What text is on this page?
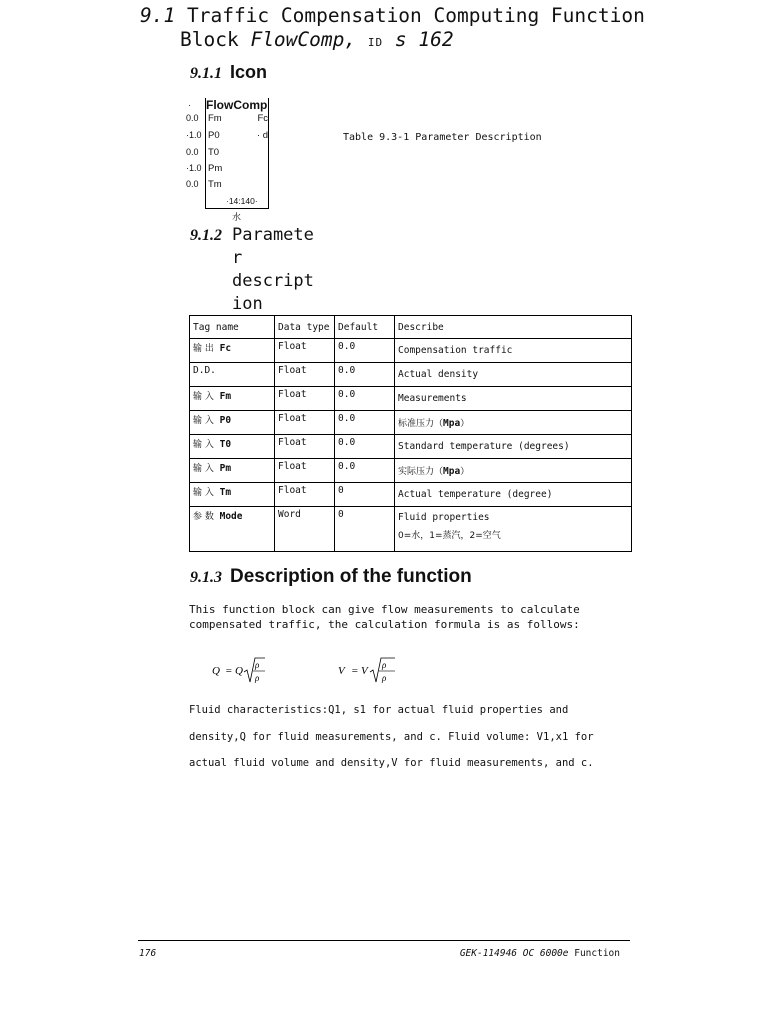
9.1 Traffic Compensation Computing Function
Block FlowComp, ID s 162
9.1.1 Icon
· FlowComp
0.0 Fm	Fc
·1.0 P0	· d
0.0 T0
·1.0 Pm
0.0 Tm
·14:140·
水
Table 9.3-1 Parameter Description
9.1.2 Paramete
r
descript
ion
Tag name	Data type	Default	Describe
输 出 Fc	Float	0.0	Compensation traffic
D.D.	Float	0.0	Actual density
输 入 Fm	Float	0.0	Measurements
输 入 P0	Float	0.0	标准压力（Mpa）
输 入 T0	Float	0.0	Standard temperature (degrees)
输 入 Pm	Float	0.0	实际压力（Mpa）
输 入 Tm	Float	0	Actual temperature (degree)
参 数 Mode	Word	0	Fluid properties
0=水，1=蒸汽，2=空气
9.1.3 Description of the function
This function block can give flow measurements to calculate compensated traffic, the calculation formula is as follows:
Q = Q ρ
ρ
V = V ρ
ρ
Fluid characteristics:Q1, s1 for actual fluid properties and
density,Q for fluid measurements, and c. Fluid volume: V1,x1 for
actual fluid volume and density,V for fluid measurements, and c.
176	GEK-114946 OC 6000e Function
